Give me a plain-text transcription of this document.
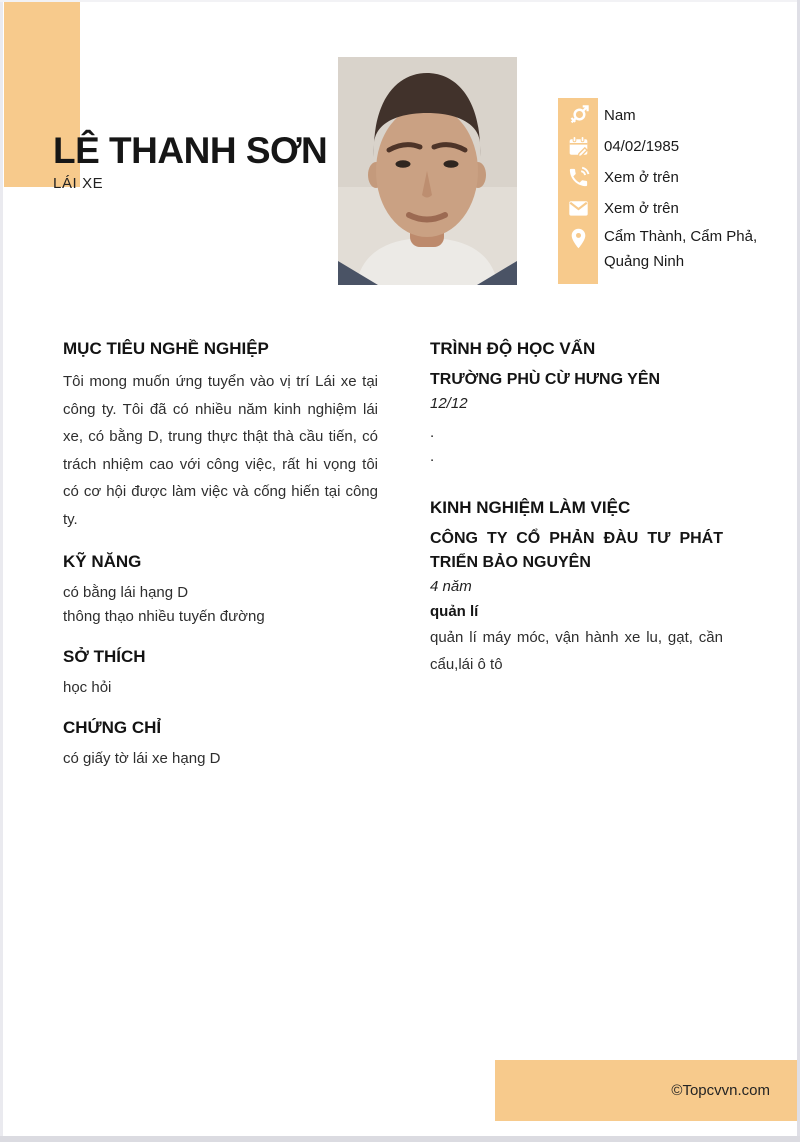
LÊ THANH SƠN

LÁI XE

Nam
04/02/1985
Xem ở trên
Xem ở trên
Cẩm Thành, Cẩm Phả, Quảng Ninh
MỤC TIÊU NGHỀ NGHIỆP

Tôi mong muốn ứng tuyển vào vị trí Lái xe tại công ty. Tôi đã có nhiều năm kinh nghiệm lái xe, có bằng D, trung thực thật thà cầu tiến, có trách nhiệm cao với công việc, rất hi vọng tôi có cơ hội được làm việc và cống hiến tại công ty.

KỸ NĂNG

có bằng lái hạng D

thông thạo nhiều tuyến đường

SỞ THÍCH

học hỏi

CHỨNG CHỈ

có giấy tờ lái xe hạng D

TRÌNH ĐỘ HỌC VẤN

TRƯỜNG PHÙ CỪ HƯNG YÊN

12/12

.

.

KINH NGHIỆM LÀM VIỆC

CÔNG TY CỔ PHẢN ĐÀU TƯ PHÁT TRIỂN BẢO NGUYÊN

4 năm

quản lí

quản lí máy móc, vận hành xe lu, gạt, cần cẩu,lái ô tô

©Topcvvn.com
